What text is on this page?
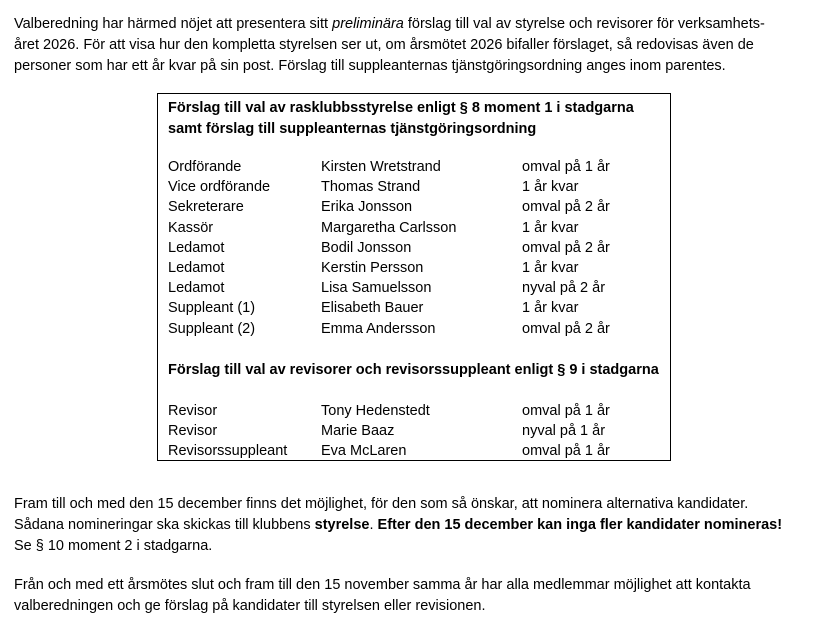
Valberedning har härmed nöjet att presentera sitt preliminära förslag till val av styrelse och revisorer för verksamhets-
året 2026. För att visa hur den kompletta styrelsen ser ut, om årsmötet 2026 bifaller förslaget, så redovisas även de
personer som har ett år kvar på sin post. Förslag till suppleanternas tjänstgöringsordning anges inom parentes.

Förslag till val av rasklubbsstyrelse enligt § 8 moment 1 i stadgarna
samt förslag till suppleanternas tjänstgöringsordning

Ordförande	Kirsten Wretstrand	omval på 1 år
Vice ordförande	Thomas Strand	1 år kvar
Sekreterare	Erika Jonsson	omval på 2 år
Kassör	Margaretha Carlsson	1 år kvar
Ledamot	Bodil Jonsson	omval på 2 år
Ledamot	Kerstin Persson	1 år kvar
Ledamot	Lisa Samuelsson	nyval på 2 år
Suppleant (1)	Elisabeth Bauer	1 år kvar
Suppleant (2)	Emma Andersson	omval på 2 år

Förslag till val av revisorer och revisorssuppleant enligt § 9 i stadgarna

Revisor	Tony Hedenstedt	omval på 1 år
Revisor	Marie Baaz	nyval på 1 år
Revisorssuppleant Eva McLaren	omval på 1 år

Fram till och med den 15 december finns det möjlighet, för den som så önskar, att nominera alternativa kandidater.
Sådana nomineringar ska skickas till klubbens styrelse. Efter den 15 december kan inga fler kandidater nomineras!
Se § 10 moment 2 i stadgarna.

Från och med ett årsmötes slut och fram till den 15 november samma år har alla medlemmar möjlighet att kontakta
valberedningen och ge förslag på kandidater till styrelsen eller revisionen.
